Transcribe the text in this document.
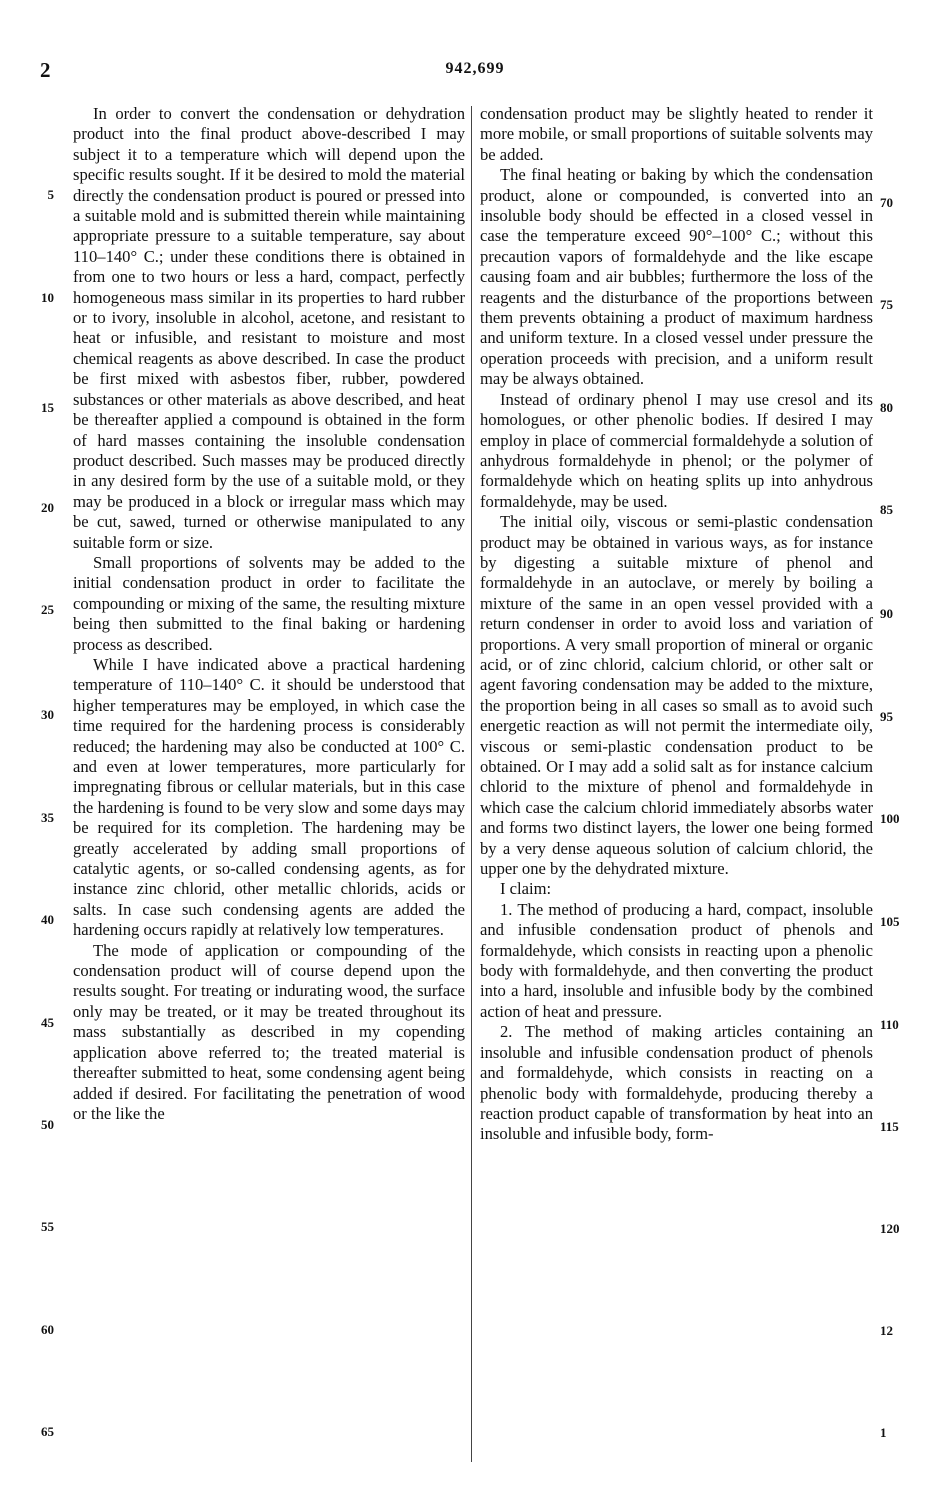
2	942,699

In order to convert the condensation or dehydration product into the final product above-described I may subject it to a temperature which will depend upon the specific results sought. If it be desired to mold the material directly the condensation product is poured or pressed into a suitable mold and is submitted therein while maintaining appropriate pressure to a suitable temperature, say about 110–140° C.; under these conditions there is obtained in from one to two hours or less a hard, compact, perfectly homogeneous mass similar in its properties to hard rubber or to ivory, insoluble in alcohol, acetone, and resistant to heat or infusible, and resistant to moisture and most chemical reagents as above described. In case the product be first mixed with asbestos fiber, rubber, powdered substances or other materials as above described, and heat be thereafter applied a compound is obtained in the form of hard masses containing the insoluble condensation product described. Such masses may be produced directly in any desired form by the use of a suitable mold, or they may be produced in a block or irregular mass which may be cut, sawed, turned or otherwise manipulated to any suitable form or size.

Small proportions of solvents may be added to the initial condensation product in order to facilitate the compounding or mixing of the same, the resulting mixture being then submitted to the final baking or hardening process as described.

While I have indicated above a practical hardening temperature of 110–140° C. it should be understood that higher temperatures may be employed, in which case the time required for the hardening process is considerably reduced; the hardening may also be conducted at 100° C. and even at lower temperatures, more particularly for impregnating fibrous or cellular materials, but in this case the hardening is found to be very slow and some days may be required for its completion. The hardening may be greatly accelerated by adding small proportions of catalytic agents, or so-called condensing agents, as for instance zinc chlorid, other metallic chlorids, acids or salts. In case such condensing agents are added the hardening occurs rapidly at relatively low temperatures.

The mode of application or compounding of the condensation product will of course depend upon the results sought. For treating or indurating wood, the surface only may be treated, or it may be treated throughout its mass substantially as described in my copending application above referred to; the treated material is thereafter submitted to heat, some condensing agent being added if desired. For facilitating the penetration of wood or the like the

condensation product may be slightly heated to render it more mobile, or small proportions of suitable solvents may be added.

The final heating or baking by which the condensation product, alone or compounded, is converted into an insoluble body should be effected in a closed vessel in case the temperature exceed 90°–100° C.; without this precaution vapors of formaldehyde and the like escape causing foam and air bubbles; furthermore the loss of the reagents and the disturbance of the proportions between them prevents obtaining a product of maximum hardness and uniform texture. In a closed vessel under pressure the operation proceeds with precision, and a uniform result may be always obtained.

Instead of ordinary phenol I may use cresol and its homologues, or other phenolic bodies. If desired I may employ in place of commercial formaldehyde a solution of anhydrous formaldehyde in phenol; or the polymer of formaldehyde which on heating splits up into anhydrous formaldehyde, may be used.

The initial oily, viscous or semi-plastic condensation product may be obtained in various ways, as for instance by digesting a suitable mixture of phenol and formaldehyde in an autoclave, or merely by boiling a mixture of the same in an open vessel provided with a return condenser in order to avoid loss and variation of proportions. A very small proportion of mineral or organic acid, or of zinc chlorid, calcium chlorid, or other salt or agent favoring condensation may be added to the mixture, the proportion being in all cases so small as to avoid such energetic reaction as will not permit the intermediate oily, viscous or semi-plastic condensation product to be obtained. Or I may add a solid salt as for instance calcium chlorid to the mixture of phenol and formaldehyde in which case the calcium chlorid immediately absorbs water and forms two distinct layers, the lower one being formed by a very dense aqueous solution of calcium chlorid, the upper one by the dehydrated mixture.

I claim:

1. The method of producing a hard, compact, insoluble and infusible condensation product of phenols and formaldehyde, which consists in reacting upon a phenolic body with formaldehyde, and then converting the product into a hard, insoluble and infusible body by the combined action of heat and pressure.

2. The method of making articles containing an insoluble and infusible condensation product of phenols and formaldehyde, which consists in reacting on a phenolic body with formaldehyde, producing thereby a reaction product capable of transformation by heat into an insoluble and infusible body, form-

5
10
15
20
25
30
35
40
45
50
55
60
65
70
75
80
85
90
95
100
105
110
115
120
12
1
